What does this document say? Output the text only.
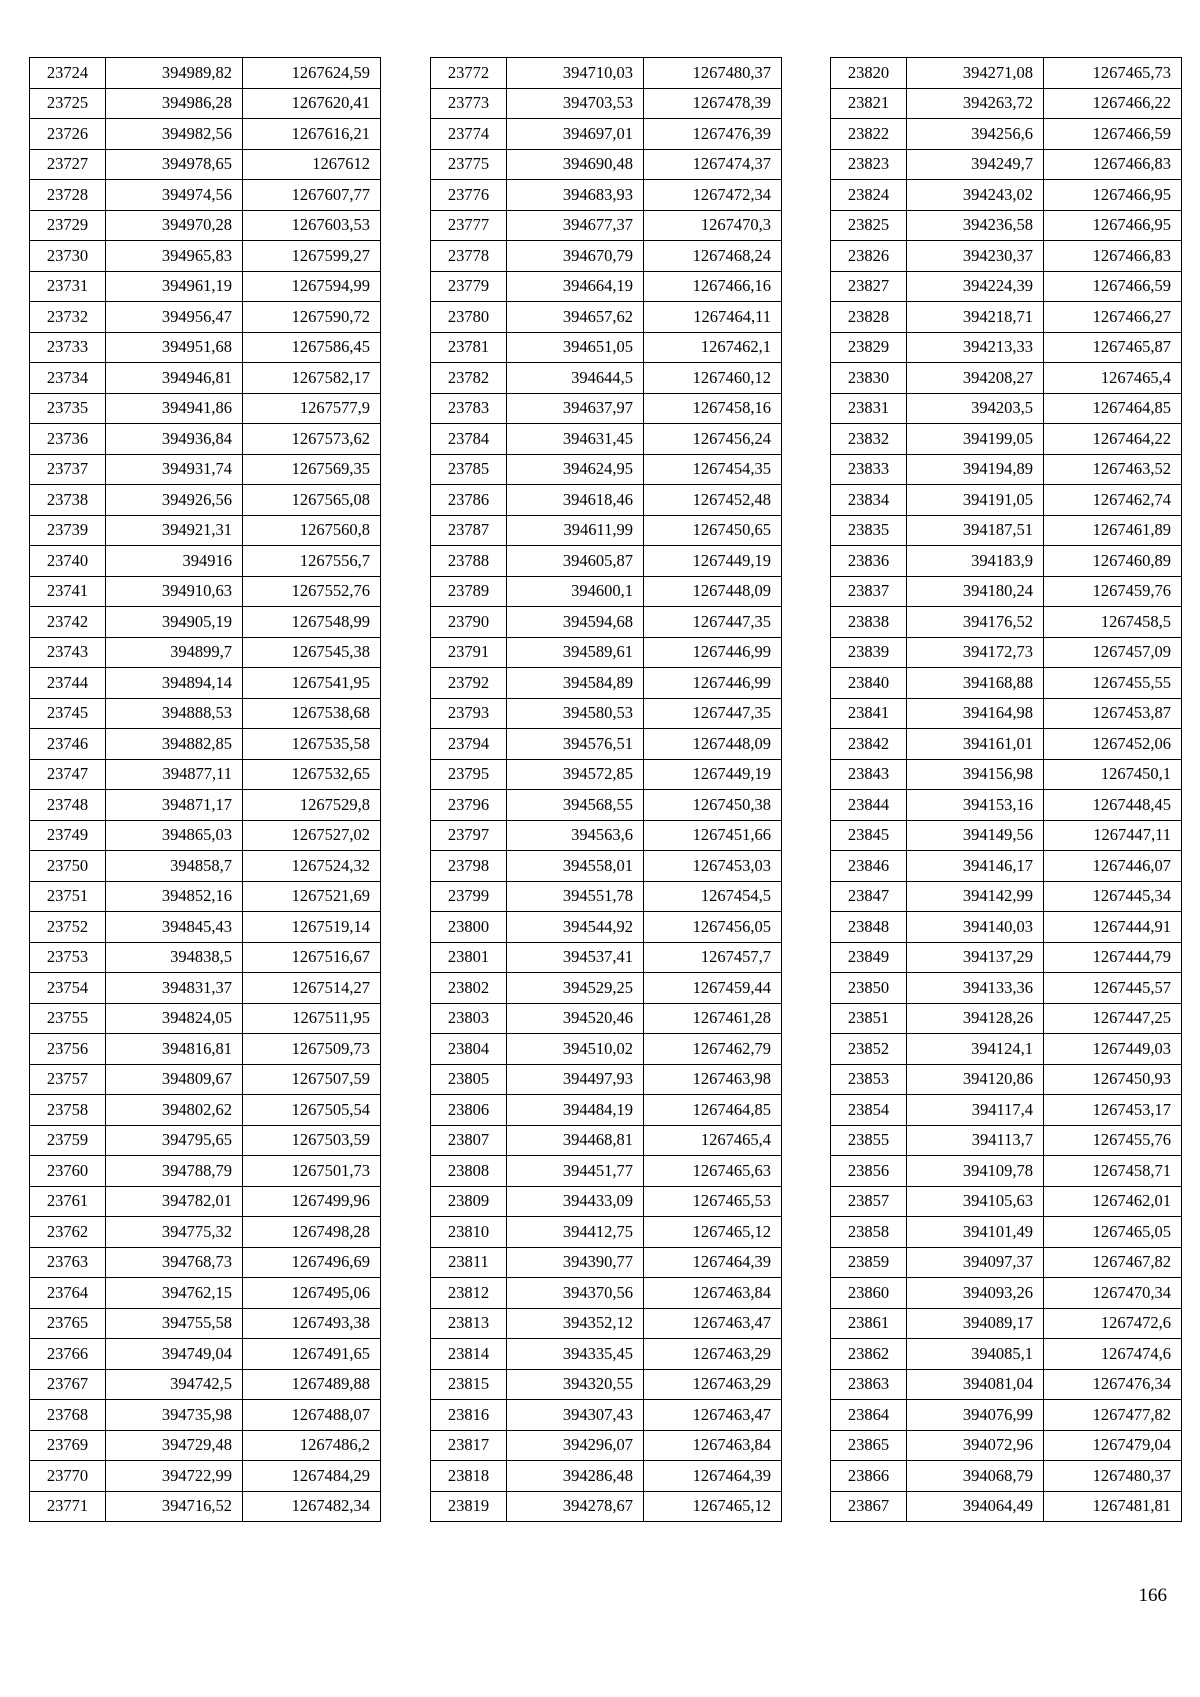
23724	394989,82	1267624,59
23725	394986,28	1267620,41
23726	394982,56	1267616,21
23727	394978,65	1267612
23728	394974,56	1267607,77
23729	394970,28	1267603,53
23730	394965,83	1267599,27
23731	394961,19	1267594,99
23732	394956,47	1267590,72
23733	394951,68	1267586,45
23734	394946,81	1267582,17
23735	394941,86	1267577,9
23736	394936,84	1267573,62
23737	394931,74	1267569,35
23738	394926,56	1267565,08
23739	394921,31	1267560,8
23740	394916	1267556,7
23741	394910,63	1267552,76
23742	394905,19	1267548,99
23743	394899,7	1267545,38
23744	394894,14	1267541,95
23745	394888,53	1267538,68
23746	394882,85	1267535,58
23747	394877,11	1267532,65
23748	394871,17	1267529,8
23749	394865,03	1267527,02
23750	394858,7	1267524,32
23751	394852,16	1267521,69
23752	394845,43	1267519,14
23753	394838,5	1267516,67
23754	394831,37	1267514,27
23755	394824,05	1267511,95
23756	394816,81	1267509,73
23757	394809,67	1267507,59
23758	394802,62	1267505,54
23759	394795,65	1267503,59
23760	394788,79	1267501,73
23761	394782,01	1267499,96
23762	394775,32	1267498,28
23763	394768,73	1267496,69
23764	394762,15	1267495,06
23765	394755,58	1267493,38
23766	394749,04	1267491,65
23767	394742,5	1267489,88
23768	394735,98	1267488,07
23769	394729,48	1267486,2
23770	394722,99	1267484,29
23771	394716,52	1267482,34
23772	394710,03	1267480,37
23773	394703,53	1267478,39
23774	394697,01	1267476,39
23775	394690,48	1267474,37
23776	394683,93	1267472,34
23777	394677,37	1267470,3
23778	394670,79	1267468,24
23779	394664,19	1267466,16
23780	394657,62	1267464,11
23781	394651,05	1267462,1
23782	394644,5	1267460,12
23783	394637,97	1267458,16
23784	394631,45	1267456,24
23785	394624,95	1267454,35
23786	394618,46	1267452,48
23787	394611,99	1267450,65
23788	394605,87	1267449,19
23789	394600,1	1267448,09
23790	394594,68	1267447,35
23791	394589,61	1267446,99
23792	394584,89	1267446,99
23793	394580,53	1267447,35
23794	394576,51	1267448,09
23795	394572,85	1267449,19
23796	394568,55	1267450,38
23797	394563,6	1267451,66
23798	394558,01	1267453,03
23799	394551,78	1267454,5
23800	394544,92	1267456,05
23801	394537,41	1267457,7
23802	394529,25	1267459,44
23803	394520,46	1267461,28
23804	394510,02	1267462,79
23805	394497,93	1267463,98
23806	394484,19	1267464,85
23807	394468,81	1267465,4
23808	394451,77	1267465,63
23809	394433,09	1267465,53
23810	394412,75	1267465,12
23811	394390,77	1267464,39
23812	394370,56	1267463,84
23813	394352,12	1267463,47
23814	394335,45	1267463,29
23815	394320,55	1267463,29
23816	394307,43	1267463,47
23817	394296,07	1267463,84
23818	394286,48	1267464,39
23819	394278,67	1267465,12
23820	394271,08	1267465,73
23821	394263,72	1267466,22
23822	394256,6	1267466,59
23823	394249,7	1267466,83
23824	394243,02	1267466,95
23825	394236,58	1267466,95
23826	394230,37	1267466,83
23827	394224,39	1267466,59
23828	394218,71	1267466,27
23829	394213,33	1267465,87
23830	394208,27	1267465,4
23831	394203,5	1267464,85
23832	394199,05	1267464,22
23833	394194,89	1267463,52
23834	394191,05	1267462,74
23835	394187,51	1267461,89
23836	394183,9	1267460,89
23837	394180,24	1267459,76
23838	394176,52	1267458,5
23839	394172,73	1267457,09
23840	394168,88	1267455,55
23841	394164,98	1267453,87
23842	394161,01	1267452,06
23843	394156,98	1267450,1
23844	394153,16	1267448,45
23845	394149,56	1267447,11
23846	394146,17	1267446,07
23847	394142,99	1267445,34
23848	394140,03	1267444,91
23849	394137,29	1267444,79
23850	394133,36	1267445,57
23851	394128,26	1267447,25
23852	394124,1	1267449,03
23853	394120,86	1267450,93
23854	394117,4	1267453,17
23855	394113,7	1267455,76
23856	394109,78	1267458,71
23857	394105,63	1267462,01
23858	394101,49	1267465,05
23859	394097,37	1267467,82
23860	394093,26	1267470,34
23861	394089,17	1267472,6
23862	394085,1	1267474,6
23863	394081,04	1267476,34
23864	394076,99	1267477,82
23865	394072,96	1267479,04
23866	394068,79	1267480,37
23867	394064,49	1267481,81
166
